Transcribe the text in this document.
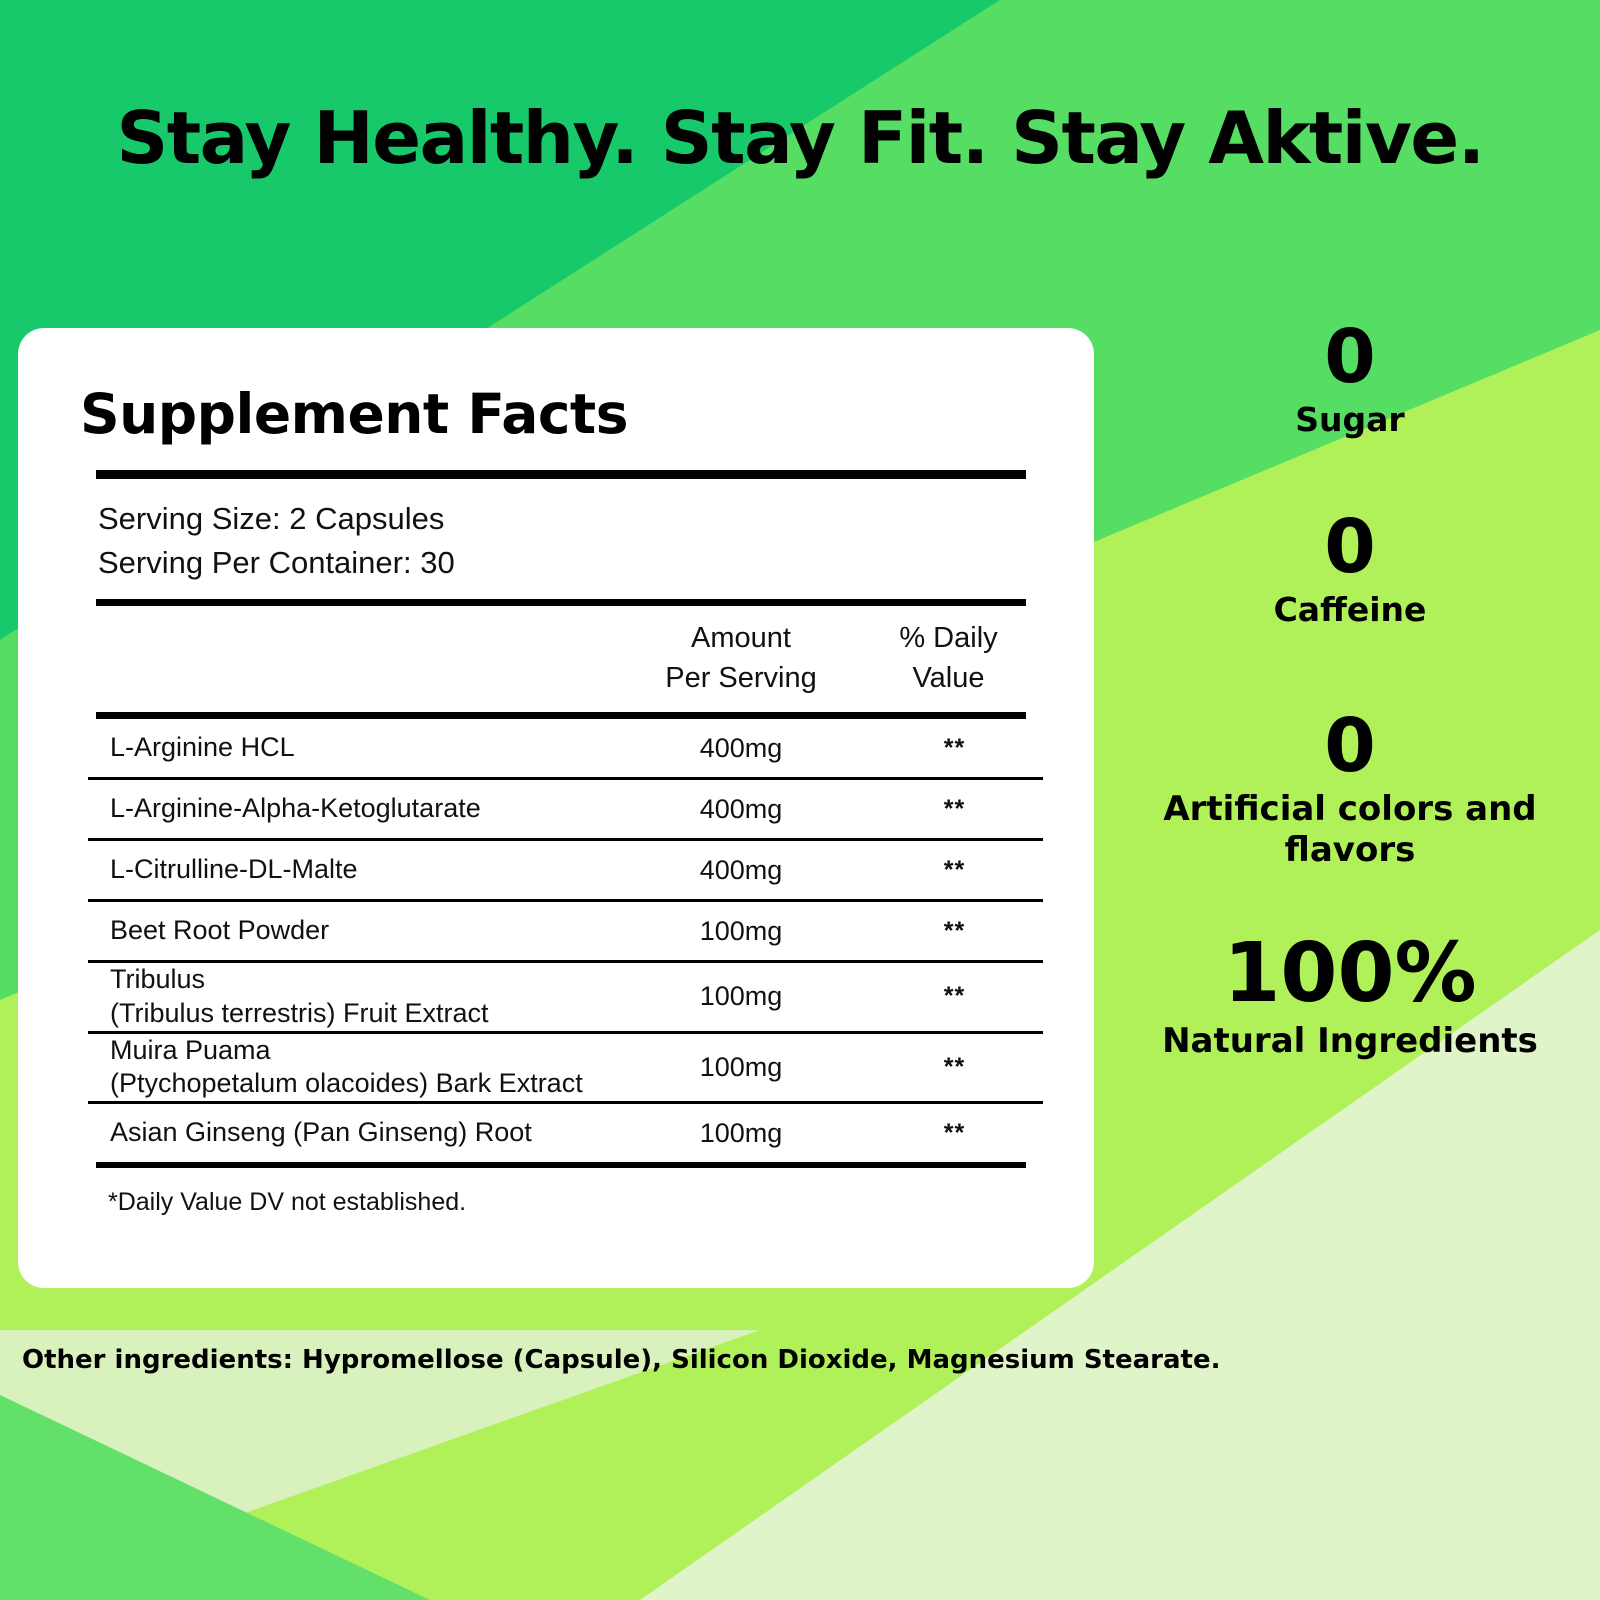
Stay Healthy. Stay Fit. Stay Aktive.
Supplement Facts
Serving Size: 2 Capsules
Serving Per Container: 30
Amount
Per Serving
% Daily
Value
L-Arginine HCL	400mg	**
L-Arginine-Alpha-Ketoglutarate	400mg	**
L-Citrulline-DL-Malte	400mg	**
Beet Root Powder	100mg	**
Tribulus
(Tribulus terrestris) Fruit Extract
100mg	**
Muira Puama
(Ptychopetalum olacoides) Bark Extract
100mg	**
Asian Ginseng (Pan Ginseng) Root	100mg	**
*Daily Value DV not established.
0
Sugar
0
Caffeine
0
Artificial colors and flavors
100%
Natural Ingredients
Other ingredients: Hypromellose (Capsule), Silicon Dioxide, Magnesium Stearate.
